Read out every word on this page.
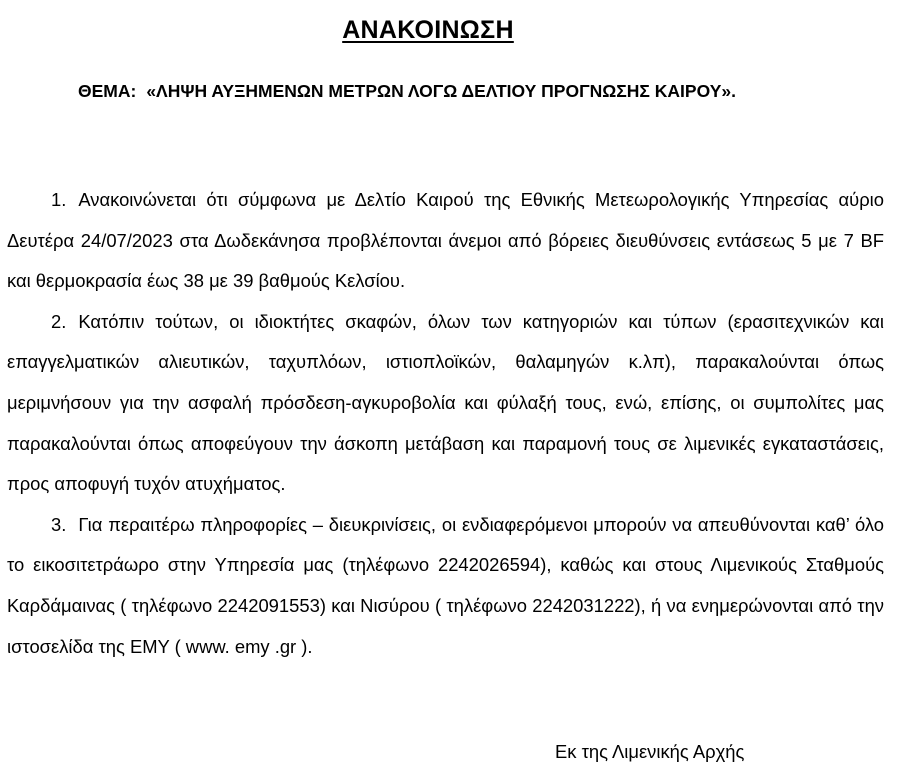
ΑΝΑΚΟΙΝΩΣΗ
ΘΕΜΑ: «ΛΗΨΗ ΑΥΞΗΜΕΝΩΝ ΜΕΤΡΩΝ ΛΟΓΩ ΔΕΛΤΙΟΥ ΠΡΟΓΝΩΣΗΣ ΚΑΙΡΟΥ».

1. Ανακοινώνεται ότι σύμφωνα με Δελτίο Καιρού της Εθνικής Μετεωρολογικής Υπηρεσίας αύριο Δευτέρα 24/07/2023 στα Δωδεκάνησα προβλέπονται άνεμοι από βόρειες διευθύνσεις εντάσεως 5 με 7 BF και θερμοκρασία έως 38 με 39 βαθμούς Κελσίου.

2. Κατόπιν τούτων, οι ιδιοκτήτες σκαφών, όλων των κατηγοριών και τύπων (ερασιτεχνικών και επαγγελματικών αλιευτικών, ταχυπλόων, ιστιοπλοϊκών, θαλαμηγών κ.λπ), παρακαλούνται όπως μεριμνήσουν για την ασφαλή πρόσδεση-αγκυροβολία και φύλαξή τους, ενώ, επίσης, οι συμπολίτες μας παρακαλούνται όπως αποφεύγουν την άσκοπη μετάβαση και παραμονή τους σε λιμενικές εγκαταστάσεις, προς αποφυγή τυχόν ατυχήματος.

3. Για περαιτέρω πληροφορίες – διευκρινίσεις, οι ενδιαφερόμενοι μπορούν να απευθύνονται καθ’ όλο το εικοσιτετράωρο στην Υπηρεσία μας (τηλέφωνο 2242026594), καθώς και στους Λιμενικούς Σταθμούς Καρδάμαινας ( τηλέφωνο 2242091553) και Νισύρου ( τηλέφωνο 2242031222), ή να ενημερώνονται από την ιστοσελίδα της ΕΜΥ ( www. emy .gr ).

Εκ της Λιμενικής Αρχής
